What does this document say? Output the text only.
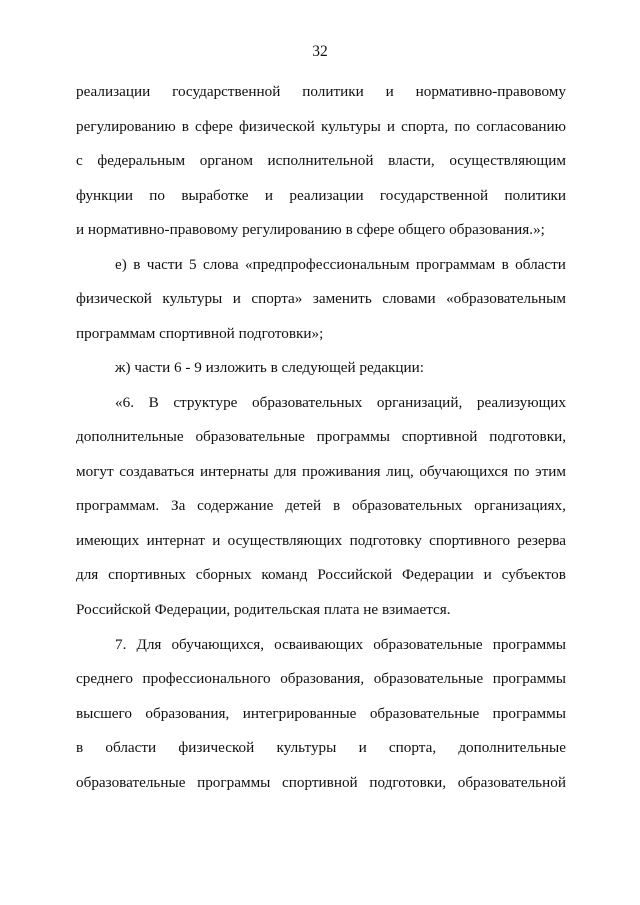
32
реализации государственной политики и нормативно-правовому
регулированию в сфере физической культуры и спорта, по согласованию
с федеральным органом исполнительной власти, осуществляющим
функции по выработке и реализации государственной политики
и нормативно-правовому регулированию в сфере общего образования.»;
е) в части 5 слова «предпрофессиональным программам в области
физической культуры и спорта» заменить словами «образовательным
программам спортивной подготовки»;
ж) части 6 - 9 изложить в следующей редакции:
«6. В структуре образовательных организаций, реализующих
дополнительные образовательные программы спортивной подготовки,
могут создаваться интернаты для проживания лиц, обучающихся по этим
программам. За содержание детей в образовательных организациях,
имеющих интернат и осуществляющих подготовку спортивного резерва
для спортивных сборных команд Российской Федерации и субъектов
Российской Федерации, родительская плата не взимается.
7. Для обучающихся, осваивающих образовательные программы
среднего профессионального образования, образовательные программы
высшего образования, интегрированные образовательные программы
в области физической культуры и спорта, дополнительные
образовательные программы спортивной подготовки, образовательной
